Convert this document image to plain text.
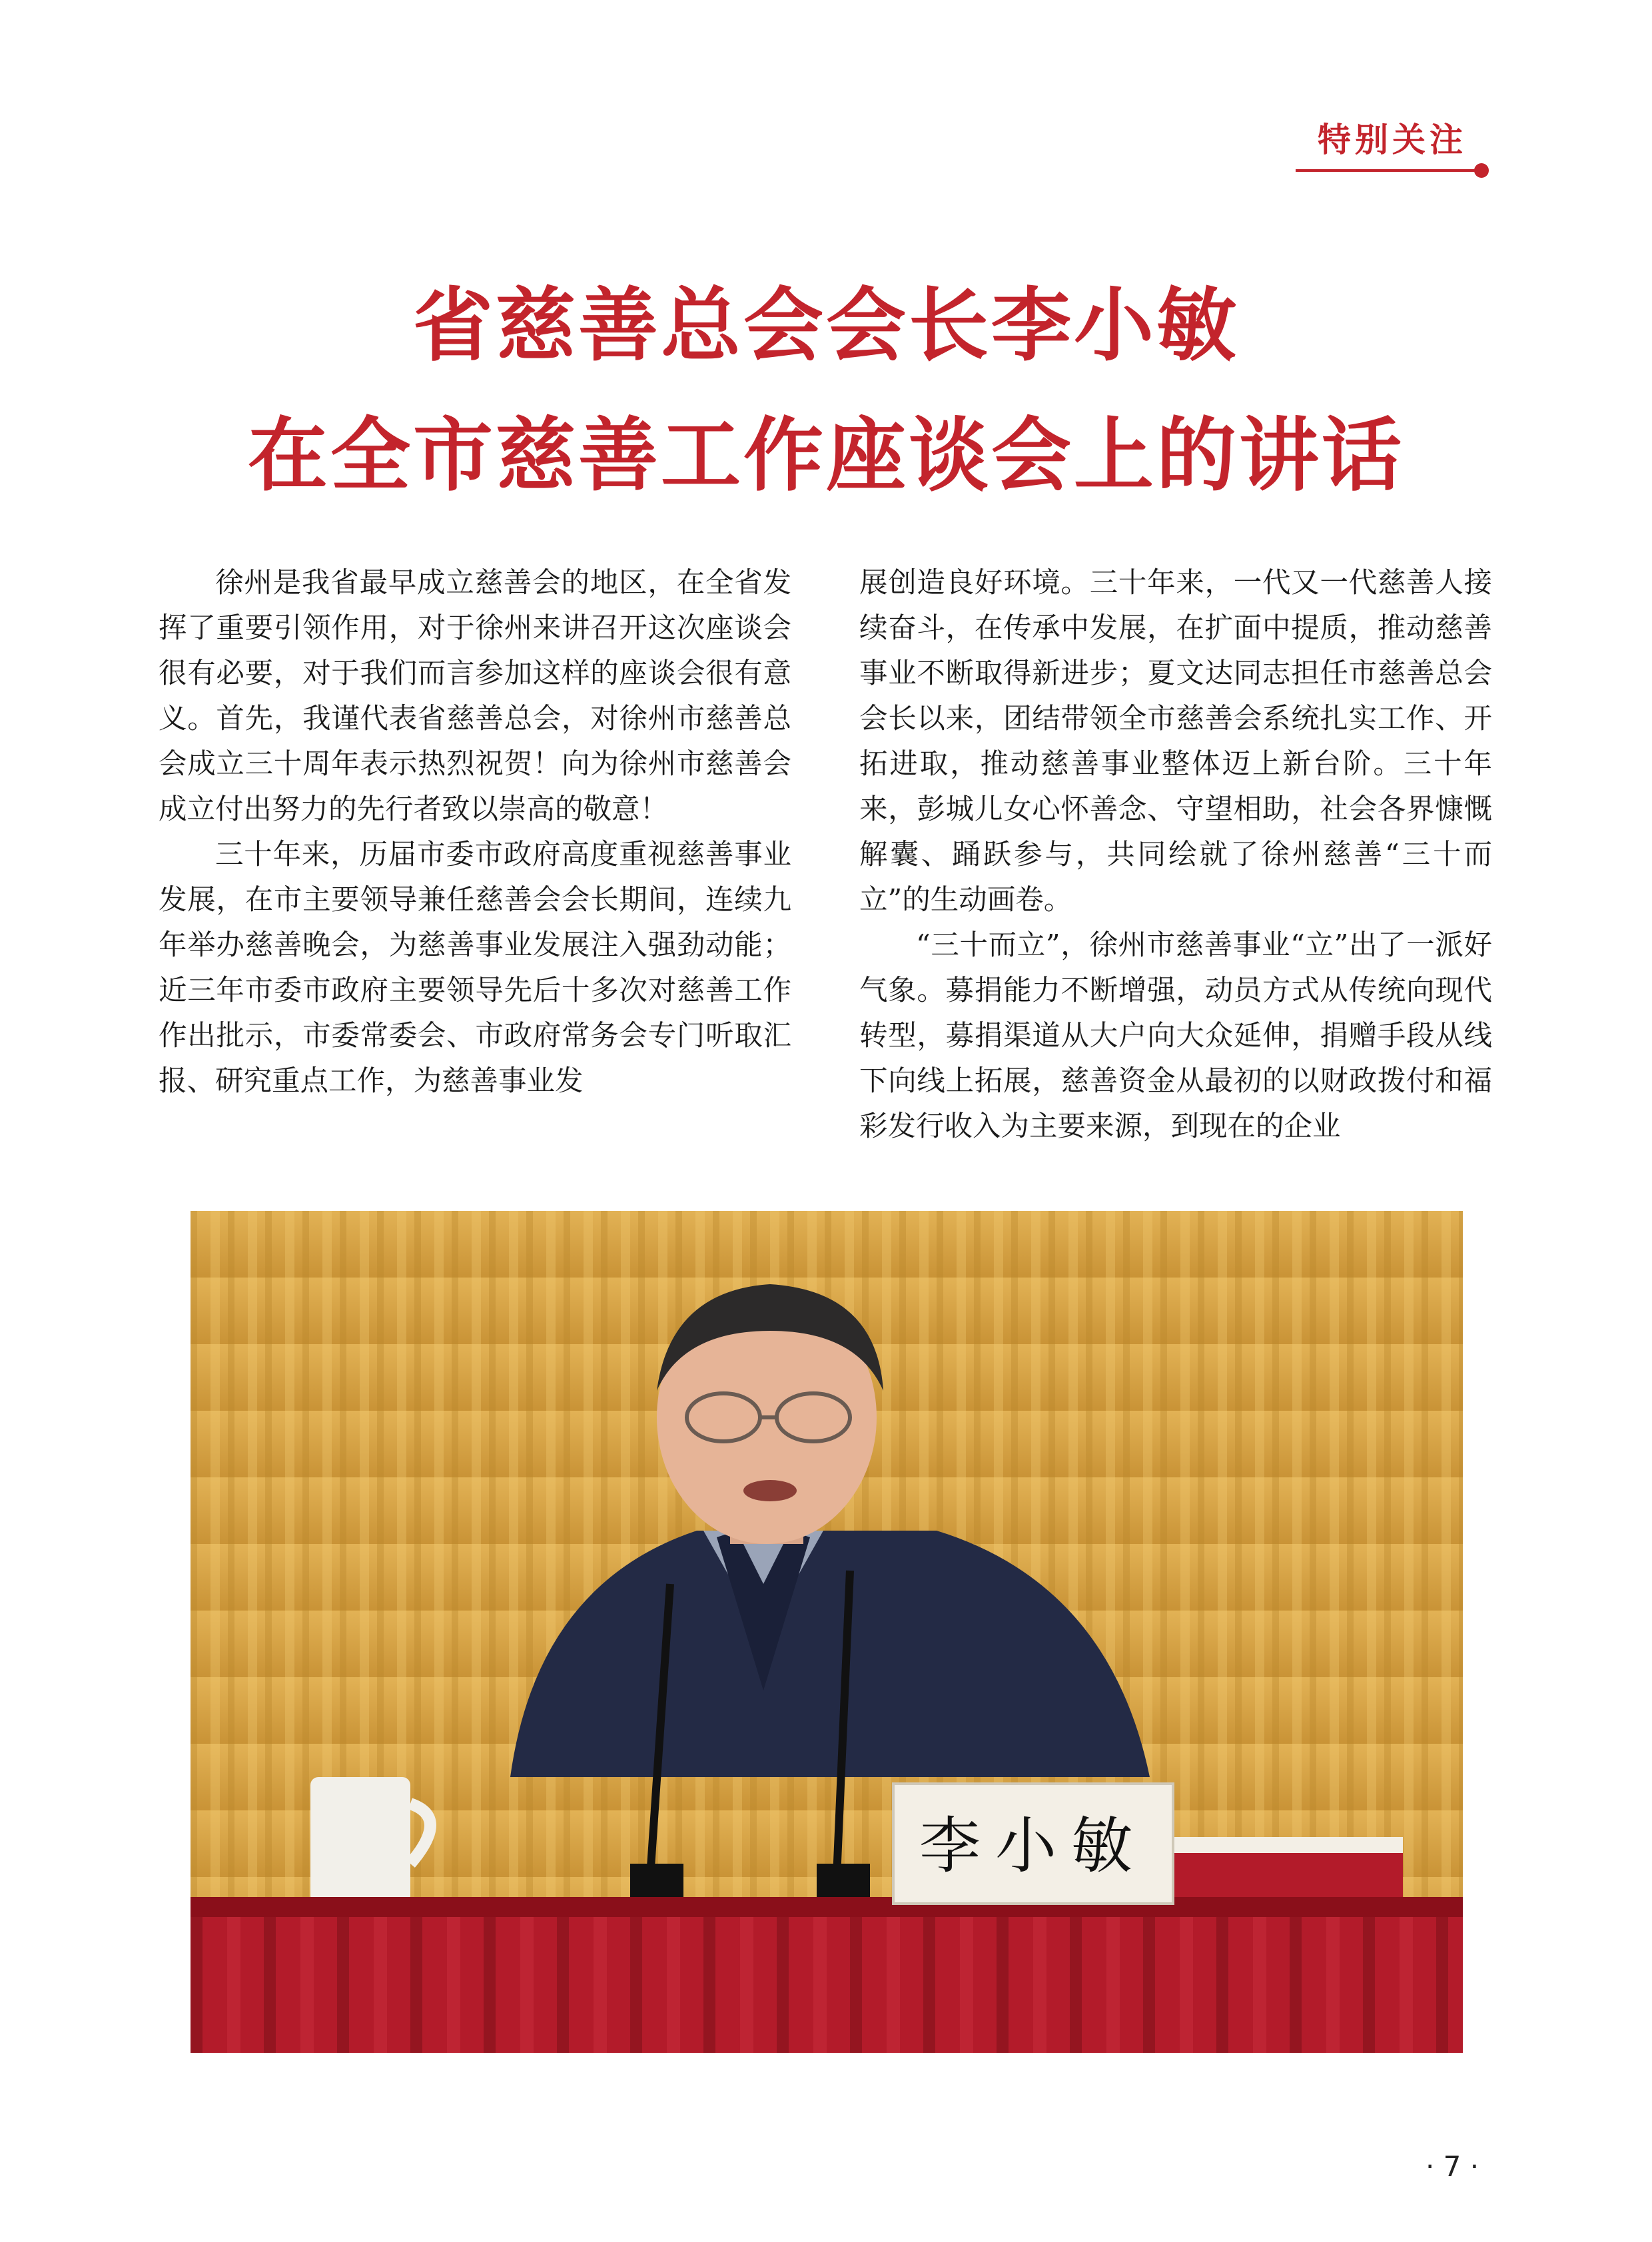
特别关注
省慈善总会会长李小敏
在全市慈善工作座谈会上的讲话

徐州是我省最早成立慈善会的地区，在全省发挥了重要引领作用，对于徐州来讲召开这次座谈会很有必要，对于我们而言参加这样的座谈会很有意义。首先，我谨代表省慈善总会，对徐州市慈善总会成立三十周年表示热烈祝贺！向为徐州市慈善会成立付出努力的先行者致以崇高的敬意！

三十年来，历届市委市政府高度重视慈善事业发展，在市主要领导兼任慈善会会长期间，连续九年举办慈善晚会，为慈善事业发展注入强劲动能；近三年市委市政府主要领导先后十多次对慈善工作作出批示，市委常委会、市政府常务会专门听取汇报、研究重点工作，为慈善事业发

展创造良好环境。三十年来，一代又一代慈善人接续奋斗，在传承中发展，在扩面中提质，推动慈善事业不断取得新进步；夏文达同志担任市慈善总会会长以来，团结带领全市慈善会系统扎实工作、开拓进取，推动慈善事业整体迈上新台阶。三十年来，彭城儿女心怀善念、守望相助，社会各界慷慨解囊、踊跃参与，共同绘就了徐州慈善“三十而立”的生动画卷。

“三十而立”，徐州市慈善事业“立”出了一派好气象。募捐能力不断增强，动员方式从传统向现代转型，募捐渠道从大户向大众延伸，捐赠手段从线下向线上拓展，慈善资金从最初的以财政拨付和福彩发行收入为主要来源，到现在的企业

李小敏
· 7 ·
